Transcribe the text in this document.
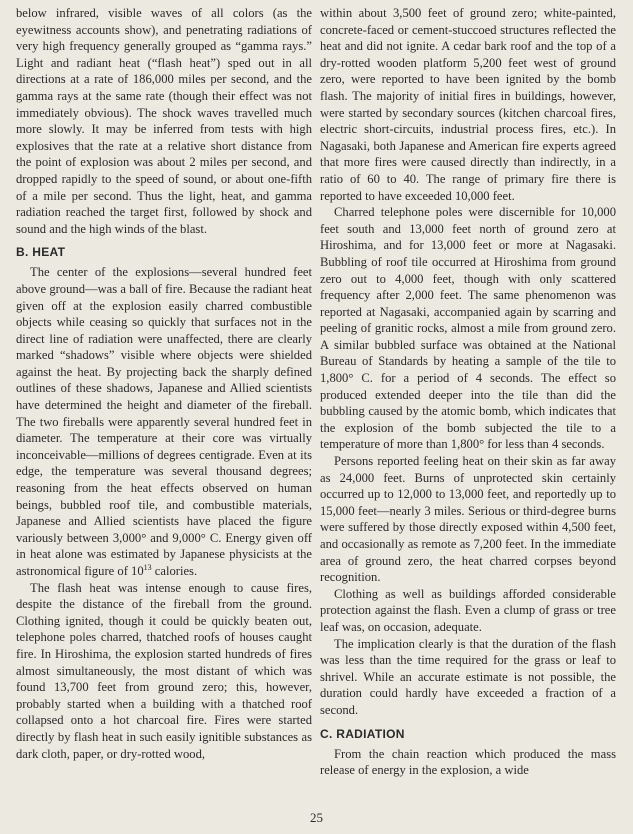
below infrared, visible waves of all colors (as the eyewitness accounts show), and penetrating radiations of very high frequency generally grouped as “gamma rays.” Light and radiant heat (“flash heat”) sped out in all directions at a rate of 186,000 miles per second, and the gamma rays at the same rate (though their effect was not immediately obvious). The shock waves travelled much more slowly. It may be inferred from tests with high explosives that the rate at a relative short distance from the point of explosion was about 2 miles per second, and dropped rapidly to the speed of sound, or about one-fifth of a mile per second. Thus the light, heat, and gamma radiation reached the target first, followed by shock and sound and the high winds of the blast.

B. HEAT

The center of the explosions—several hundred feet above ground—was a ball of fire. Because the radiant heat given off at the explosion easily charred combustible objects while ceasing so quickly that surfaces not in the direct line of radiation were unaffected, there are clearly marked “shadows” visible where objects were shielded against the heat. By projecting back the sharply defined outlines of these shadows, Japanese and Allied scientists have determined the height and diameter of the fireball. The two fireballs were apparently several hundred feet in diameter. The temperature at their core was virtually inconceivable—millions of degrees centigrade. Even at its edge, the temperature was several thousand degrees; reasoning from the heat effects observed on human beings, bubbled roof tile, and combustible materials, Japanese and Allied scientists have placed the figure variously between 3,000° and 9,000° C. Energy given off in heat alone was estimated by Japanese physicists at the astronomical figure of $10^{13}$ calories.

The flash heat was intense enough to cause fires, despite the distance of the fireball from the ground. Clothing ignited, though it could be quickly beaten out, telephone poles charred, thatched roofs of houses caught fire. In Hiroshima, the explosion started hundreds of fires almost simultaneously, the most distant of which was found 13,700 feet from ground zero; this, however, probably started when a building with a thatched roof collapsed onto a hot charcoal fire. Fires were started directly by flash heat in such easily ignitible substances as dark cloth, paper, or dry-rotted wood,

within about 3,500 feet of ground zero; white-painted, concrete-faced or cement-stuccoed structures reflected the heat and did not ignite. A cedar bark roof and the top of a dry-rotted wooden platform 5,200 feet west of ground zero, were reported to have been ignited by the bomb flash. The majority of initial fires in buildings, however, were started by secondary sources (kitchen charcoal fires, electric short-circuits, industrial process fires, etc.). In Nagasaki, both Japanese and American fire experts agreed that more fires were caused directly than indirectly, in a ratio of 60 to 40. The range of primary fire there is reported to have exceeded 10,000 feet.

Charred telephone poles were discernible for 10,000 feet south and 13,000 feet north of ground zero at Hiroshima, and for 13,000 feet or more at Nagasaki. Bubbling of roof tile occurred at Hiroshima from ground zero out to 4,000 feet, though with only scattered frequency after 2,000 feet. The same phenomenon was reported at Nagasaki, accompanied again by scarring and peeling of granitic rocks, almost a mile from ground zero. A similar bubbled surface was obtained at the National Bureau of Standards by heating a sample of the tile to 1,800° C. for a period of 4 seconds. The effect so produced extended deeper into the tile than did the bubbling caused by the atomic bomb, which indicates that the explosion of the bomb subjected the tile to a temperature of more than 1,800° for less than 4 seconds.

Persons reported feeling heat on their skin as far away as 24,000 feet. Burns of unprotected skin certainly occurred up to 12,000 to 13,000 feet, and reportedly up to 15,000 feet—nearly 3 miles. Serious or third-degree burns were suffered by those directly exposed within 4,500 feet, and occasionally as remote as 7,200 feet. In the immediate area of ground zero, the heat charred corpses beyond recognition.

Clothing as well as buildings afforded considerable protection against the flash. Even a clump of grass or tree leaf was, on occasion, adequate.

The implication clearly is that the duration of the flash was less than the time required for the grass or leaf to shrivel. While an accurate estimate is not possible, the duration could hardly have exceeded a fraction of a second.

C. RADIATION

From the chain reaction which produced the mass release of energy in the explosion, a wide

25
